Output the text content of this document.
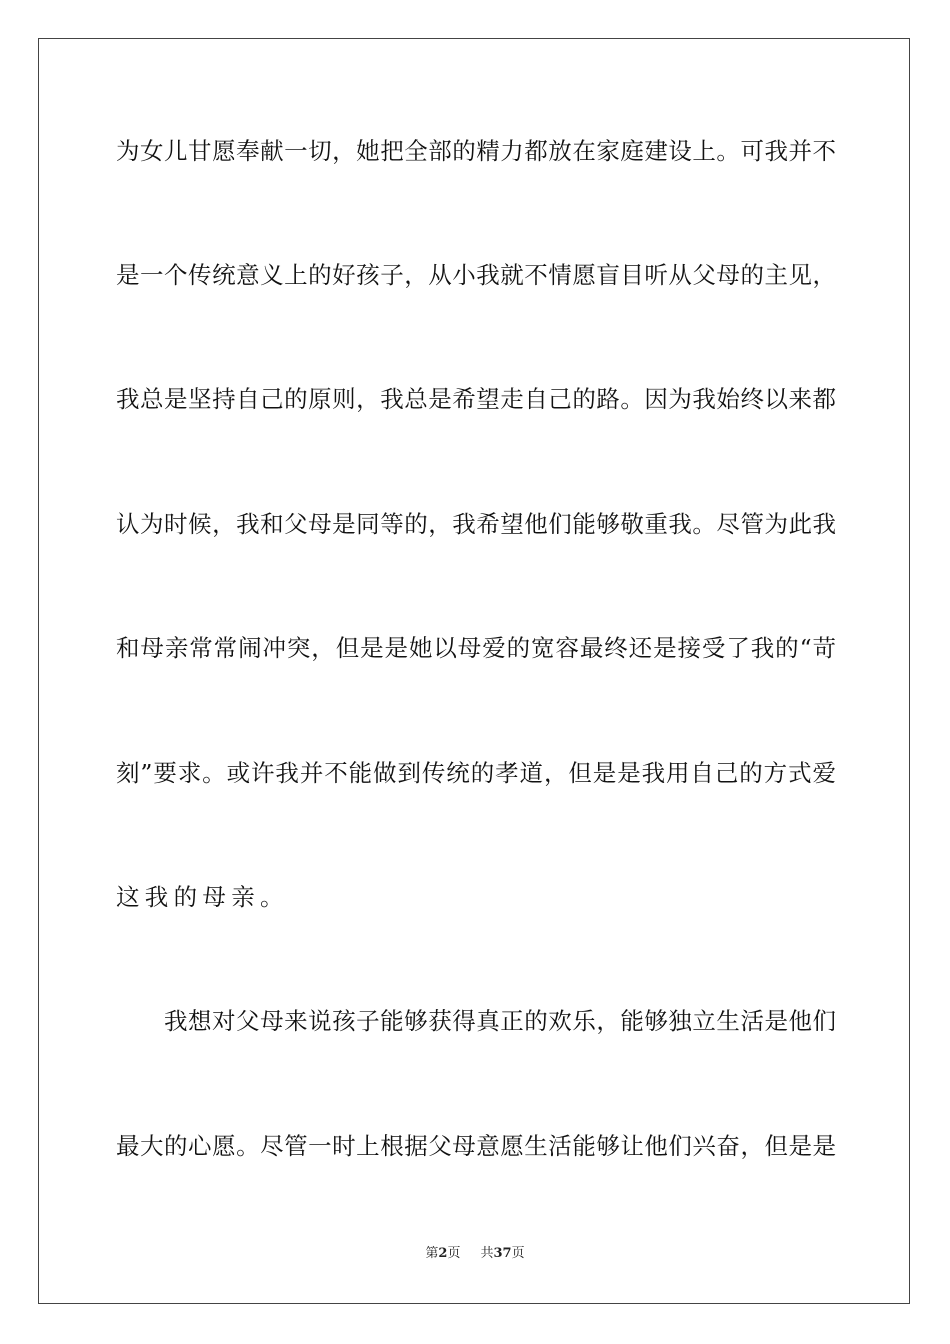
为女儿甘愿奉献一切，她把全部的精力都放在家庭建设上。可我并不
是一个传统意义上的好孩子，从小我就不情愿盲目听从父母的主见，
我总是坚持自己的原则，我总是希望走自己的路。因为我始终以来都
认为时候，我和父母是同等的，我希望他们能够敬重我。尽管为此我
和母亲常常闹冲突，但是是她以母爱的宽容最终还是接受了我的“苛
刻”要求。或许我并不能做到传统的孝道，但是是我用自己的方式爱
这我的母亲。
我想对父母来说孩子能够获得真正的欢乐，能够独立生活是他们
最大的心愿。尽管一时上根据父母意愿生活能够让他们兴奋，但是是
第2页 共37页
